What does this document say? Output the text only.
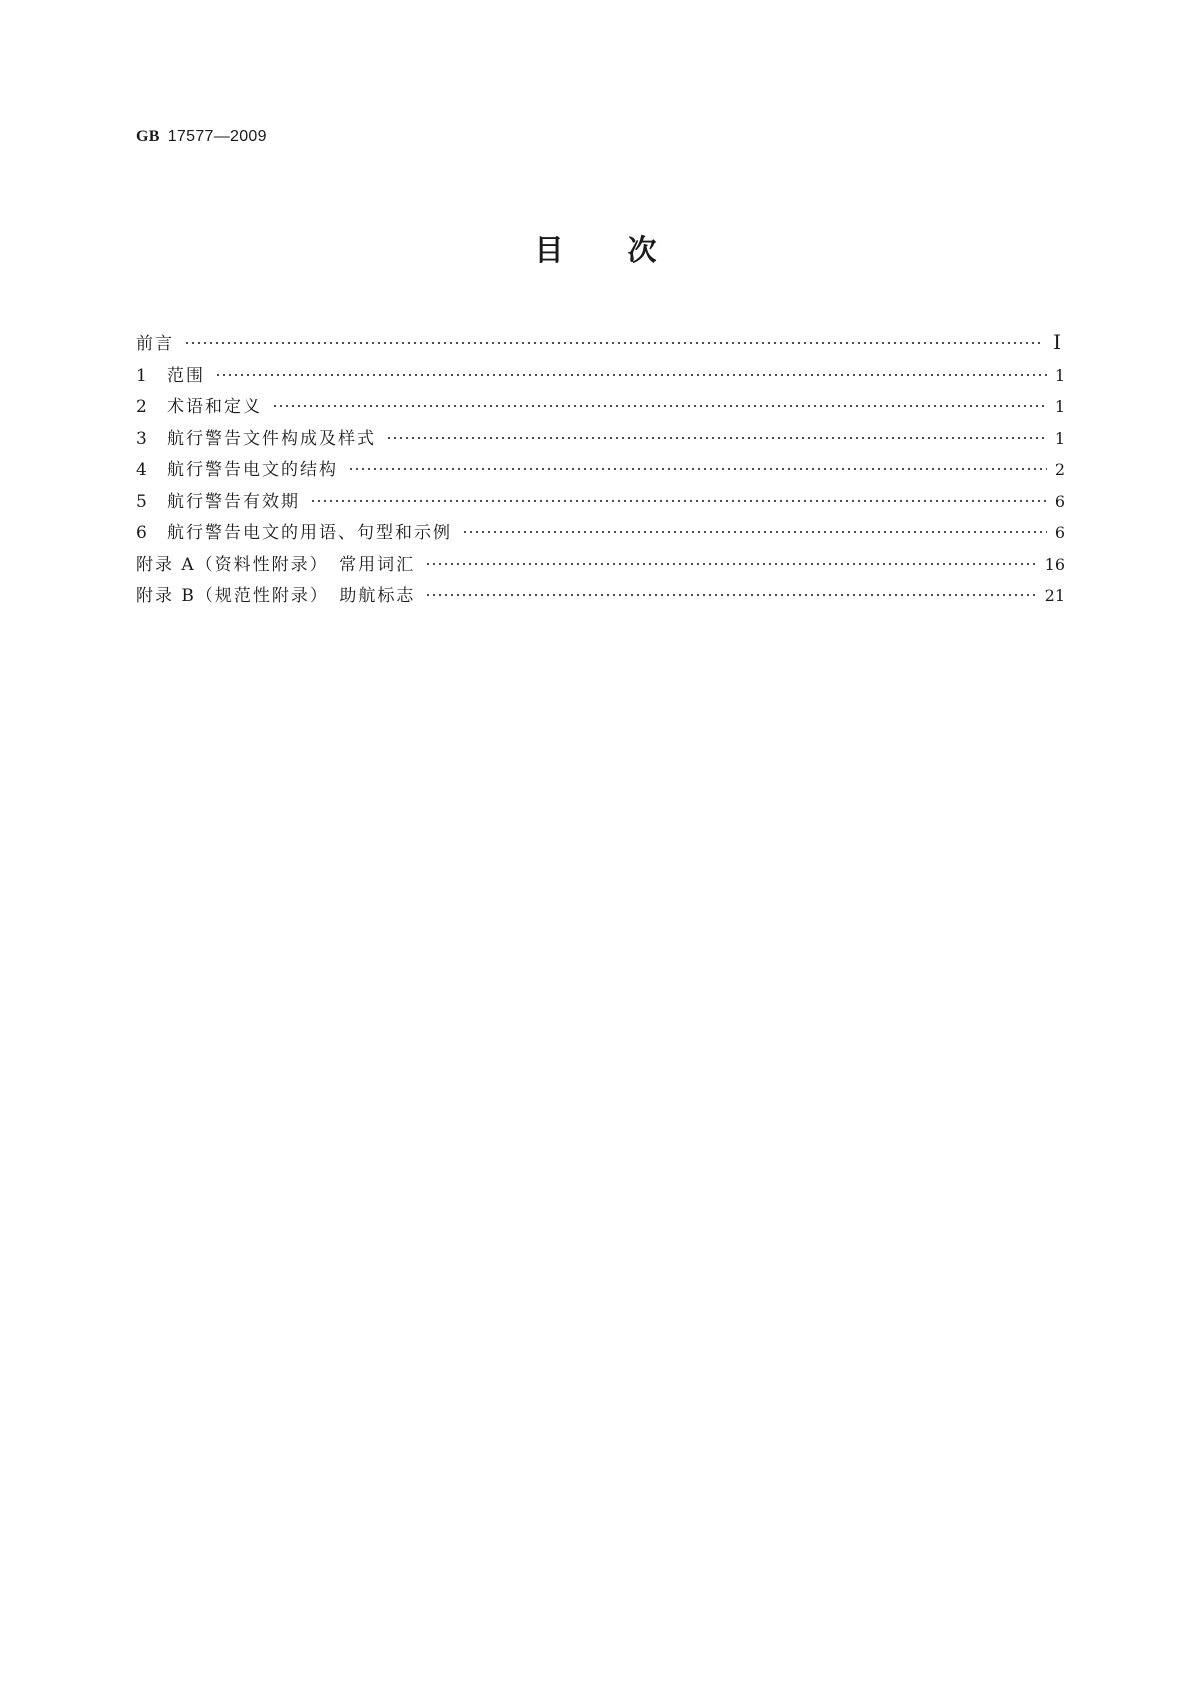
GB 17577—2009
目次
前言	Ⅰ
1	范围	1
2	术语和定义	1
3	航行警告文件构成及样式	1
4	航行警告电文的结构	2
5	航行警告有效期	6
6	航行警告电文的用语、句型和示例	6
附录 A（资料性附录）　常用词汇	16
附录 B（规范性附录）　助航标志	21
